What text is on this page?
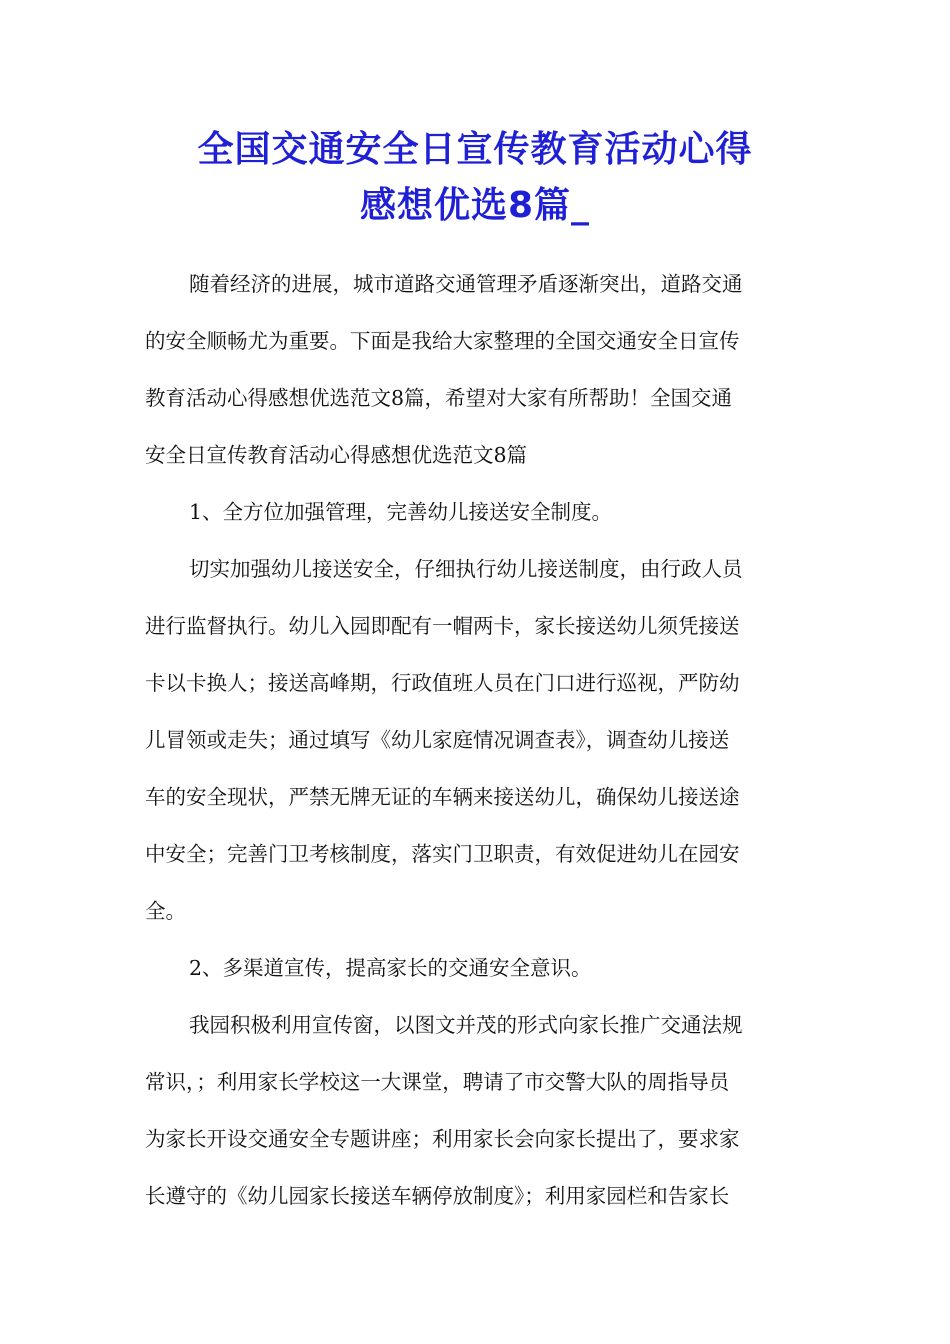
全国交通安全日宣传教育活动心得
感想优选8篇_

随着经济的进展，城市道路交通管理矛盾逐渐突出，道路交通
的安全顺畅尤为重要。下面是我给大家整理的全国交通安全日宣传
教育活动心得感想优选范文8篇，希望对大家有所帮助！全国交通
安全日宣传教育活动心得感想优选范文8篇

1、全方位加强管理，完善幼儿接送安全制度。

切实加强幼儿接送安全，仔细执行幼儿接送制度，由行政人员
进行监督执行。幼儿入园即配有一帽两卡，家长接送幼儿须凭接送
卡以卡换人；接送高峰期，行政值班人员在门口进行巡视，严防幼
儿冒领或走失；通过填写《幼儿家庭情况调查表》，调查幼儿接送
车的安全现状，严禁无牌无证的车辆来接送幼儿，确保幼儿接送途
中安全；完善门卫考核制度，落实门卫职责，有效促进幼儿在园安
全。

2、多渠道宣传，提高家长的交通安全意识。

我园积极利用宣传窗，以图文并茂的形式向家长推广交通法规
常识，；利用家长学校这一大课堂，聘请了市交警大队的周指导员
为家长开设交通安全专题讲座；利用家长会向家长提出了，要求家
长遵守的《幼儿园家长接送车辆停放制度》；利用家园栏和告家长
